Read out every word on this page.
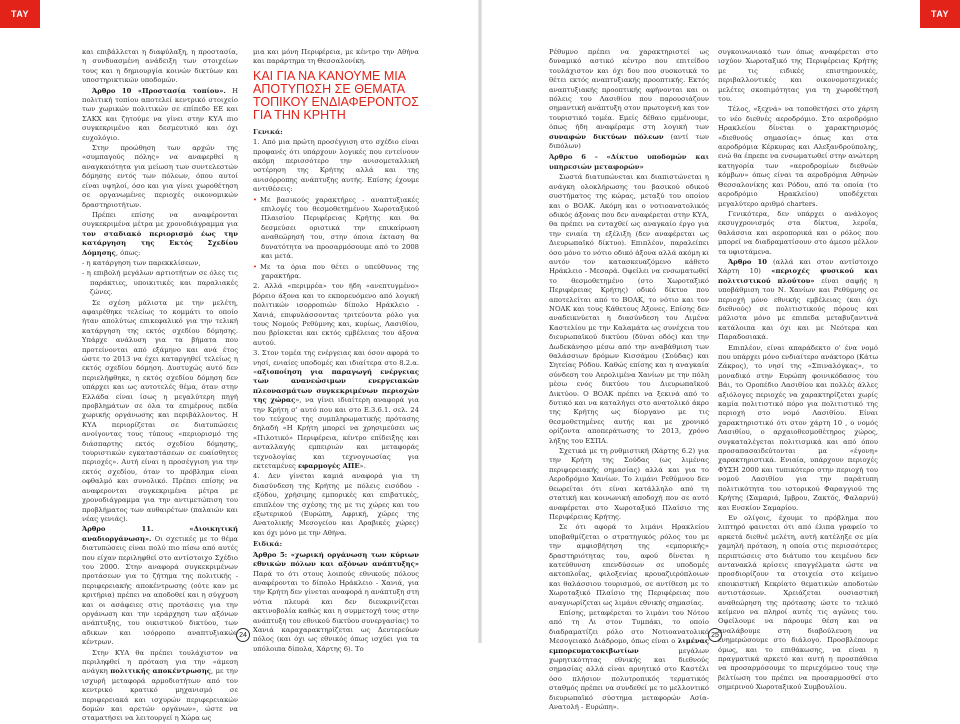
ΤΑΥ	ΤΑΥ

και επιβάλλεται η διαφύλαξη, η προστασία, η συνδυασμένη ανάδειξη των στοιχείων τους και η δημιουργία κοινών δικτύων και υποστηρικτικών υποδομών.

Άρθρο 10 «Προστασία τοπίου». Η πολιτική τοπίου αποτελεί κεντρικό στοιχείο των χωρικών πολιτικών σε επίπεδο ΕΕ και ΣΑΚΧ και ζητούμε να γίνει στην ΚΥΑ πιο συγκεκριμένο και δεσμευτικό και όχι ευχολόγιο.

Στην προώθηση των αρχών της «συμπαγούς πόλης» να αναφερθεί η αναγκαιότητα για μείωση των συντελεστών δόμησης εντός των πόλεων, όπου αυτοί είναι υψηλοί, όσο και για γίνει χωροθέτηση σε οργανωμένες περιοχές οικονομικών δραστηριοτήτων.

Πρέπει επίσης να αναφέρονται συγκεκριμένα μέτρα με χρονοδιάγραμμα για τον σταδιακό περιορισμό έως την κατάργηση της Εκτός Σχεδίου Δόμησης, όπως:

- η κατάργηση των παρεκκλίσεων,

- η επιβολή μεγάλων αρτιοτήτων σε όλες τις παράκτιες, υποικιτικές και παραλιακές ζώνες.

Σε σχέση μάλιστα με την μελέτη, αφαιρέθηκε τελείως το κομμάτι το οποίο ήταν απολύτως επικεφαλικό για την τελική κατάργηση της εκτός σχεδίου δόμησης. Υπάρχε ανάλυση για τα βήματα που προτείνονται από εξάμηνο και ανά έτος ώστε το 2013 να έχει καταργηθεί τελείως η εκτός σχεδίου δόμηση. Δυστυχώς αυτό δεν περιελήφθηκε, η εκτός σχεδίου δόμηση δεν υπάρχει και ως αυτοτελές θέμα, όταν στην Ελλάδα είναι ίσως η μεγαλύτερη πηγή προβλημάτων σε όλα τα επιμέρους πεδία χωρικής οργάνωσης και περιβάλλοντος. Η ΚΥΑ περιορίζεται σε διατυπώσεις ανοίγοντας τους τύπους «περιορισμό της διάσπαρτης εκτός σχεδίου δόμησης, τουριστικών εγκαταστάσεων σε ευαίσθητες περιοχές». Αυτή είναι η προσέγγιση για την εκτός σχεδίου, όταν το πρόβλημα είναι οφθαλμό και συνολικό. Πρέπει επίσης να αναφερονται συγκεκριμένα μέτρα με χρονοδιάγραμμα για την αντιμετώπιση του προβλήματος των αυθαιρέτων (παλαιών και νέας γενιάς).

Άρθρο 11. «Διοικητική αναδιοργάνωση». Οι σχετικές με το θέμα διατυπώσεις είναι πολύ πιο πίσω από αυτές που είχαν περιληφθεί στο αντίστοιχο Σχέδιο του 2000. Στην αναφορά συγκεκριμένων προτάσεων για το ζήτημα της πολιτικής - περιφερειακής αποκέντρωσης (ούτε καν με κριτήρια) πρέπει να αποδοθεί και η σύγχυση και οι ασάφειες στις προτάσεις για την οργάνωση και την ιεράρχηση των αξόνων ανάπτυξης, του οικιστικού δικτύου, των αδικων και ισόρροπο αναπτυξιακών κέντρων.

Στην ΚΥΑ θα πρέπει τουλάχιστον να περιληφθεί η πρόταση για την «άμεση ανάγκη πολιτικής αποκέντρωσης, με την ισχυρή μεταφορά αρμοδιοτήτων από τον κεντρικό κρατικό μηχανισμό σε περιφερειακά και ισχυρών περιφερειακών δομών και αρετών οργάνων», ώστε να σταματήσει να λειτουργεί η Χώρα ως

μια και μόνη Περιφέρεια, με κέντρο την Αθήνα και παράρτημα τη Θεσσαλονίκη.

ΚΑΙ ΓΙΑ ΝΑ ΚΑΝΟΥΜΕ ΜΙΑ ΑΠΟΤΥΠΩΣΗ ΣΕ ΘΕΜΑΤΑ ΤΟΠΙΚΟΥ ΕΝΔΙΑΦΕΡΟΝΤΟΣ ΓΙΑ ΤΗΝ ΚΡΗΤΗ

Γενικά:

1. Από μια πρώτη προσέγγιση στο σχέδιο είναι προφανές ότι υπάρχουν λογικές που εντείνουν ακόμη περισσότερο την ανισομεταλλική υστέρηση της Κρήτης αλλά και της ανισόρροπης ανάπτυξης αυτής. Επίσης έχουμε αντιθέσεις:

• Με βασικούς χαρακτήρες - αναπτυξιακές επιλογές του θεσμοθετημένου Χωροταξικού Πλαισίου Περιφέρειας Κρήτης και θα δεσμεύσει οριστικά την επικαίρωση αναθεώρησή του, στην όποια έκταση θα δυνατότητα να προσαρμόσουμε από το 2008 και μετά.

• Με τα όρια που θέτει ο υπεύθυνος της χαρακτήρα.

2. Αλλά «περιμρέα» τον ήδη «ανεπτυγμένο» βόρειο άξονα και το εκπορευόμενο από λογική πολιτικών ισορροπιών δίπολο Ηράκλειο - Χανιά, επιφυλάσσοντας τριτεύοντα ρόλο για τους Νομούς Ρεθύμνης και, κυρίως, Λασιθίου, που βρίσκεται και εκτός εμβέλειας του άξονα αυτού.

3. Στον τομέα της ενέργειας και όσον αφορά το νησί, ενιαίες υποδομές και ιδιαίτερα στο 8.2.α. «αξιοποίηση για παραγωγή ενέργειας των ανανεώσιμων ενεργειακών πλεονασμάτων συγκεκριμένων περιοχών της χώρας», να γίνει ιδιαίτερη αναφορά για την Κρήτη σ' αυτό που και στο Ε.3.6.1. σελ. 24 του τεύχους της συμπληρωματικής πρότασης δηλαδή «Η Κρήτη μπορεί να χρησιμεύσει ως «Πιλοτικό» Περιφέρεια, κέντρο επίδειξης και ανταλλαγής εμπειριών και μεταφοράς τεχνολογίας και τεχνογνωσίας για εκτεταμένες εφαρμογές ΑΠΕ».

4. Δεν γίνεται καμιά αναφορά για τη διασύνδεση της Κρήτης με πόλεις εισόδου - εξόδου, χρήσιμης εμπορικές και επιβατικές, επιπλέον της σχέσης της με τις χώρες και του εξωτερικού (Ευρώπη, Αφρική, χώρες της Ανατολικής Μεσογείου και Αραβικές χώρες) και όχι μόνο με την Αθήνα.

Ειδικά:

Άρθρο 5: «χωρική οργάνωση των κύριων εθνικών πόλων και αξόνων ανάπτυξης» Παρά το ότι στους λοιπούς εθνικούς πόλους αναφέρονται το δίπολο Ηράκλειο - Χανιά, για την Κρήτη δεν γίνεται αναφορά η ανάπτυξη στη νότια πλευρά και δεν διευκρινίζεται ακτινοβολία καθώς και η συμμετοχή τους στην ανάπτυξη του εθνικού δικτύου συνεργασίας) το Χανιά καραχαρακτηρίζεται ως Δευτερεύων πόλος (και όχι ως εθνικός όπως ισχύει για τα υπόλοιπα δίπολα, Χάρτης 6). Το

24

Ρέθυμνο πρέπει να χαρακτηριστεί ως δυναμικό αστικό κέντρο που επιτείδου τουλάχιστον και όχι δου που συσκοτικά το θέτει εκτός αναπτυξιακής προοπτικής. Εκτός αναπτυξιακής προοπτικής αφήνονται και οι πόλεις του Λασιθίου που παρουσιάζουν σημαντική ανάπτυξη στον πρωτογενή και τον τουριστικό τομέα. Εμείς δέθαιο εμμένουμε, όπως ήδη αναφέραμε στη λογική των συναφών δικτύων πόλεων (αντί των διπόλων)

Άρθρο 6 - «Δίκτυο υποδομών και υπηρεσιών μεταφορών»

Σωστά διατυπώνεται και διαπιστώνεται η ανάγκη ολοκλήρωσης του βασικού οδικού συστήματος της κώρας, μεταξύ του οποίου και ο ΒΟΑΚ. Ακόμη και ο νοτιοανατολικός οδικός άξονας που δεν αναφέρεται στην ΚΥΑ, θα πρέπει να ενταχθεί ως αναγκαίο έργο για την ενιαία τη εξέλιξη (δεν αναφέρεται ως Διευρωπαϊκό δίκτυο). Επιπλέον, παραλείπει όσο μόνο το νότιο οδικό άξονα αλλά ακόμη κι αυτόν τον κατασκευαζόμενο κάθετο Ηράκλειο - Μεσαρά. Οφείλει να ενσωματωθεί το θεσμοθετημένο (στο Χωροταξικό Περιφέρειας Κρήτης) οδικό δίκτυο που αποτελείται από το ΒΟΑΚ, το νότιο και τον ΝΟΑΚ και τους Κάθετους Άξονες. Επίσης δεν αναδεικνύεται η διασύνδεση του Λιμένα Καστελίου με την Καλαμάτα ως συνέχεια του διευρωπαϊκού δικτύου (δύναι οδός) και την Δωδεκάνησο μέσω από την αναβάθμιση των θαλάσσιων δρόμων Κισσάμου (Σούδας) και Σητείας Ρόδου. Καθώς επίσης και η αναγκαία σύνδεση του Αερολιμένα Χανίων με την πόλη μέσω ενός δικτύου του Διευρωπαϊκού Δικτύου. Ο ΒΟΑΚ πρέπει να ξεκινά από το δυτικό και να καταλήγει στο ανατολικό άκρο της Κρήτης ως δίοργανο με τις θεσμοθετημένες αυτής και με χρονικό ορίζοντα αποπεράτωσης το 2013, χρόνο λήξης του ΕΣΠΑ.

Σχετικά με τη ρυθμιστική (Χάρτης 6.2) για την Κρήτη της Σούδας (ως λιμένας περιφερειακής σημασίας) αλλά και για το Αεροδρόμιο Χανίων. Το λιμάνι Ρεθύμνου δεν θεωρείται ότι είναι κατάλληλο από τη στατική και κοινωνική αποδοχή που σε αυτό αναφέρεται στο Χωροταξικό Πλαίσιο της Περιφέρειας Κρήτης.

Σε ότι αφορά το λιμάνι Ηρακλείου υποβαθμίζεται ο στρατηγικός ρόλος του με την αμφισβήτηση της «εμπορικής» δραστηριότητας του, αφού δίνεται η κατεύθυνση επενδύσεων σε υποδομές ακτοπλοΐας, φιλοξενίας κρουαζιερόπλοιων και θαλάσσιου τουρισμού, σε αντίθεση με το Χωροταξικό Πλαίσιο της Περιφέρειας που αναγνωρίζεται ως λιμάνι εθνικής σημασίας.

Επίσης, μεταφέρεται το λιμάνι του Νότου από τη Λι στον Τυμπάκι, το οποίο διαδραματίζει ρόλο στο Νοτιοανατολικό Μεσογειακό Διάδρομο, όπως είναι ο λιμένας εμπορευματοκιβωτίων	μεγάλων χωρητικότητας εθνικής και διεθνούς σημασίας αλλά είναι αρνητικό στο Καστέλι όσο πλήσιον πολυτροπικός τερματικός σταθμός πρέπει να συνδεθεί με το μελλοντικό διευρωπαϊκό σύστημα μεταφορών Ασία-Ανατολή - Ευρώπη».

συγκοινωνιακό των όπως αναφέρεται στο ισχύον Χωροταξικό της Περιφέρειας Κρήτης με τις ειδικές επιστημονικές, περιβαλλοντικές και οικονομοτεχνικές μελέτες σκοπιμότητας για τη χωροθέτησή του.

Τέλος, «ξεχνά» να τοποθετήσει στο χάρτη το νέο διεθνές αεροδρόμιο. Στο αεροδρόμιο Ηρακλείου δίνεται ο χαρακτηρισμός «διεθνούς σημασίας» όπως και στα αεροδρόμια Κέρκυρας και Αλεξανδρούπολης, ενώ θα έπρεπε να ενσωματωθεί στην ανώτερη κατηγορία των «αεροδρομίων διεθνών κόμβων» όπως είναι τα αεροδρόμια Αθηνών Θεσσαλονίκης και Ρόδου, από τα οποία (το αεροδρόμιο Ηρακλείου) υποδέχεται μεγαλύτερο αριθμό charters.

Γενικότερα, δεν υπάρχει ο ανάλογος εκσυγχρονισμός στα δίκτυα, λεροΐα, θαλάσσια και αεροπορικά και ο ρόλος που μπορεί να διαδραματίσουν στο άμεσο μέλλον τα υφιστάμενα.

Άρθρο 10 (αλλά και στον αντίστοιχο Χάρτη 10) «περιοχές φυσικού και πολιτιστικού πλούτου» είναι σαφής η υποβάθμιση του Ν. Χανίων και Ρεθύμνης σε περιοχή μόνο εθνικής εμβέλειας (και όχι διεθνούς) σε πολιτιστικούς πόρους και μάλιστα μόνο με επιπεδα μεταβυζαντινά κατάλοιπα και όχι και με Νεότερα και Παραδοσιακά.

Επιπλέον, είναι απαράδεκτο ο' ένα νομό που υπάρχει μόνο ενδιαίτερο ανάκτορο (Κάτω Ζάκρος), το νησί της «Σπιναλόγκας», το μοναδικό στην Ευρώπη φοινικόδασος του Βάι, το Οροπέδιο Λασιθίου και πολλές άλλες αξιόλογες περιοχές να χαρακτηρίζεται χωρίς καμία πολιτιστικό πόρο για πολιτιστικό της περιοχή στο νομό Λασιθίου. Είναι χαρακτηριστικό ότι στον χάρτη 10 , ο νομός Λασιθίου, ο αρχαιοθεσμοθέτηρος χώρος, συγκαταλέγεται πολιτισμικά και από όπου προσαπασαιδεύτονται μα «έγονη» χαρακτηριστικά. Ενιαία, υπάρχουν περιοχές ΦΥΣΗ 2000 και τυπικότερο στην περιοχή του νομού Λασιθίου για την παράτυπη πολιτικότητα του ιστορικού Φαραγγιού της Κρήτης (Σαμαριά, Ιμβρου, Ζακτός, Φαλαρνύ) και Ενσκίον Σαμαρίου.

Εν ολίγοις, έχουμε το πρόβλημα που λιπτηρό φαινεται ότι από έλιπα γραφείο το αρκετά διεθνέ μελέτη, αυτή κατέληξε σε μία χαμηλή πρόταση, η οποία στις περισσότερες περιπτώσεις στο διάτυπο του κειμένου δεν αντανακλά κρίσεις επαγγέλματα ώστε να προσδιορίζουν τα στοιχεία στο κείμενο εποικιστική Κεκρίατο θεματικών αποδοτών αντιστάσεων. Χρειάζεται ουσιαστική αναθεώρηση της πρότασης ώστε το τελικό κείμενο να πληροί αυτές τις αγώνες του. Οφείλουμε να πάρουμε θέση και να αναλάβουμε στη διαβούλευση να ενημερώσουμε στο διάλογο. Προσβλέπουμε όμως, και το επιθάκωσης, να είναι η πραγματικά αρκετό και αυτή η προσπάθεια να προσαρμόσουμε το περιεχόμενο τους την βελτίωση του πρέπει να προσαρμοσθεί στο σημερινού Χωροταξικού Συμβουλίου.

25
